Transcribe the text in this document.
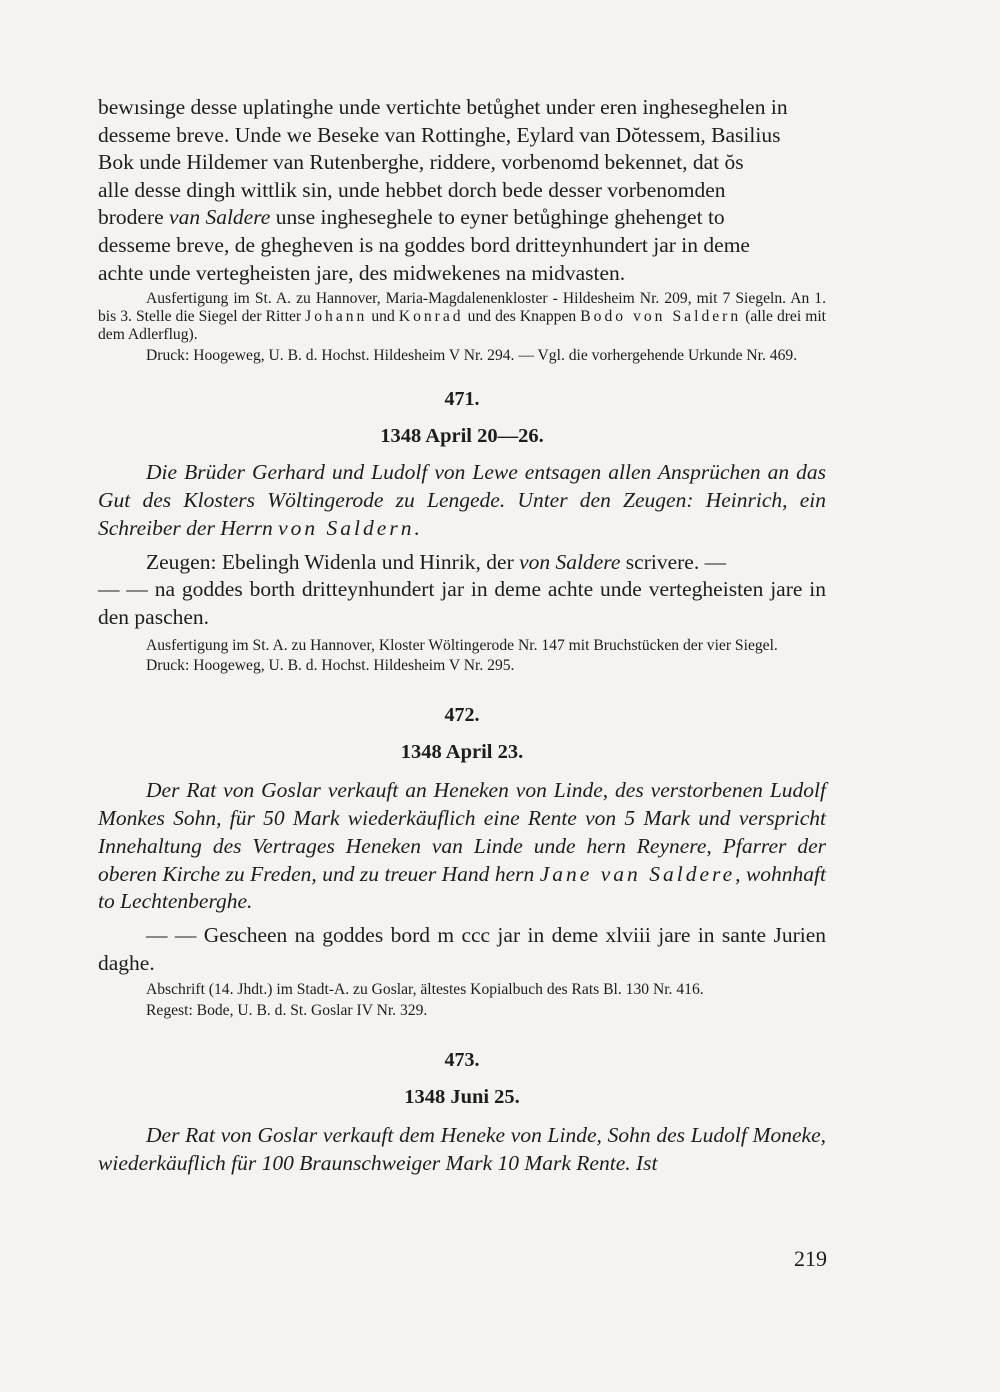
bewısinge desse uplatinghe unde vertichte betůghet under eren ingheseghelen in

desseme breve. Unde we Beseke van Rottinghe, Eylard van Dŏtessem, Basilius

Bok unde Hildemer van Rutenberghe, riddere, vorbenomd bekennet, dat ŏs

alle desse dingh wittlik sin, unde hebbet dorch bede desser vorbenomden

brodere van Saldere unse ingheseghele to eyner betůghinge ghehenget to

desseme breve, de ghegheven is na goddes bord dritteynhundert jar in deme

achte unde vertegheisten jare, des midwekenes na midvasten.

Ausfertigung im St. A. zu Hannover, Maria-Magdalenenkloster - Hildesheim Nr. 209, mit 7 Siegeln. An 1. bis 3. Stelle die Siegel der Ritter Johann und Konrad und des Knappen Bodo von Saldern (alle drei mit dem Adlerflug).

Druck: Hoogeweg, U. B. d. Hochst. Hildesheim V Nr. 294. — Vgl. die vorhergehende Urkunde Nr. 469.

471.

1348 April 20—26.

Die Brüder Gerhard und Ludolf von Lewe entsagen allen Ansprüchen an das Gut des Klosters Wöltingerode zu Lengede. Unter den Zeugen: Heinrich, ein Schreiber der Herrn von Saldern.

Zeugen: Ebelingh Widenla und Hinrik, der von Saldere scrivere. —

— — na goddes borth dritteynhundert jar in deme achte unde vertegheisten jare in den paschen.

Ausfertigung im St. A. zu Hannover, Kloster Wöltingerode Nr. 147 mit Bruchstücken der vier Siegel.

Druck: Hoogeweg, U. B. d. Hochst. Hildesheim V Nr. 295.

472.

1348 April 23.

Der Rat von Goslar verkauft an Heneken von Linde, des verstorbenen Ludolf Monkes Sohn, für 50 Mark wiederkäuflich eine Rente von 5 Mark und verspricht Innehaltung des Vertrages Heneken van Linde unde hern Reynere, Pfarrer der oberen Kirche zu Freden, und zu treuer Hand hern Jane van Saldere, wohnhaft to Lechtenberghe.

— — Gescheen na goddes bord m ccc jar in deme xlviii jare in sante Jurien daghe.

Abschrift (14. Jhdt.) im Stadt-A. zu Goslar, ältestes Kopialbuch des Rats Bl. 130 Nr. 416.

Regest: Bode, U. B. d. St. Goslar IV Nr. 329.

473.

1348 Juni 25.

Der Rat von Goslar verkauft dem Heneke von Linde, Sohn des Ludolf Moneke, wiederkäuflich für 100 Braunschweiger Mark 10 Mark Rente. Ist

219
